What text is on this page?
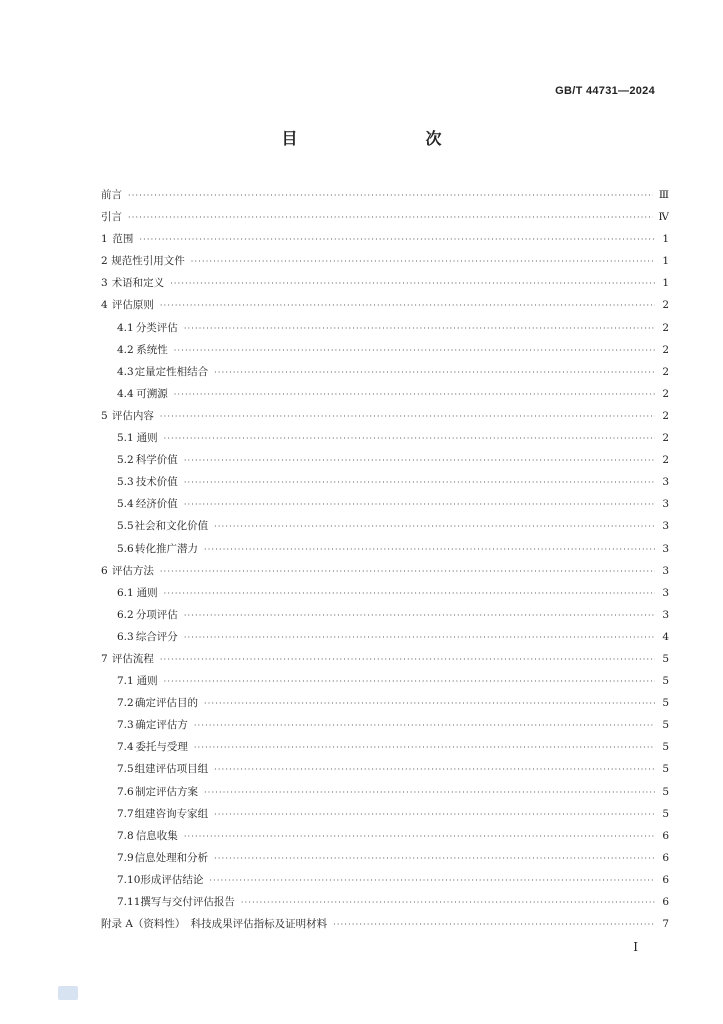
GB/T 44731—2024
目　　次
前言 ·····	Ⅲ
引言 ·····	Ⅳ
1 范围 ·····	1
2 规范性引用文件 ·····	1
3 术语和定义 ·····	1
4 评估原则 ·····	2
4.1 分类评估 ·····	2
4.2 系统性 ·····	2
4.3 定量定性相结合 ·····	2
4.4 可溯源 ·····	2
5 评估内容 ·····	2
5.1 通则 ·····	2
5.2 科学价值 ·····	2
5.3 技术价值 ·····	3
5.4 经济价值 ·····	3
5.5 社会和文化价值 ·····	3
5.6 转化推广潜力 ·····	3
6 评估方法 ·····	3
6.1 通则 ·····	3
6.2 分项评估 ·····	3
6.3 综合评分 ·····	4
7 评估流程 ·····	5
7.1 通则 ·····	5
7.2 确定评估目的 ·····	5
7.3 确定评估方 ·····	5
7.4 委托与受理 ·····	5
7.5 组建评估项目组 ·····	5
7.6 制定评估方案 ·····	5
7.7 组建咨询专家组 ·····	5
7.8 信息收集 ·····	6
7.9 信息处理和分析 ·····	6
7.10 形成评估结论 ·····	6
7.11 撰写与交付评估报告 ·····	6
附录 A（资料性）　科技成果评估指标及证明材料 ·····	7
Ⅰ
